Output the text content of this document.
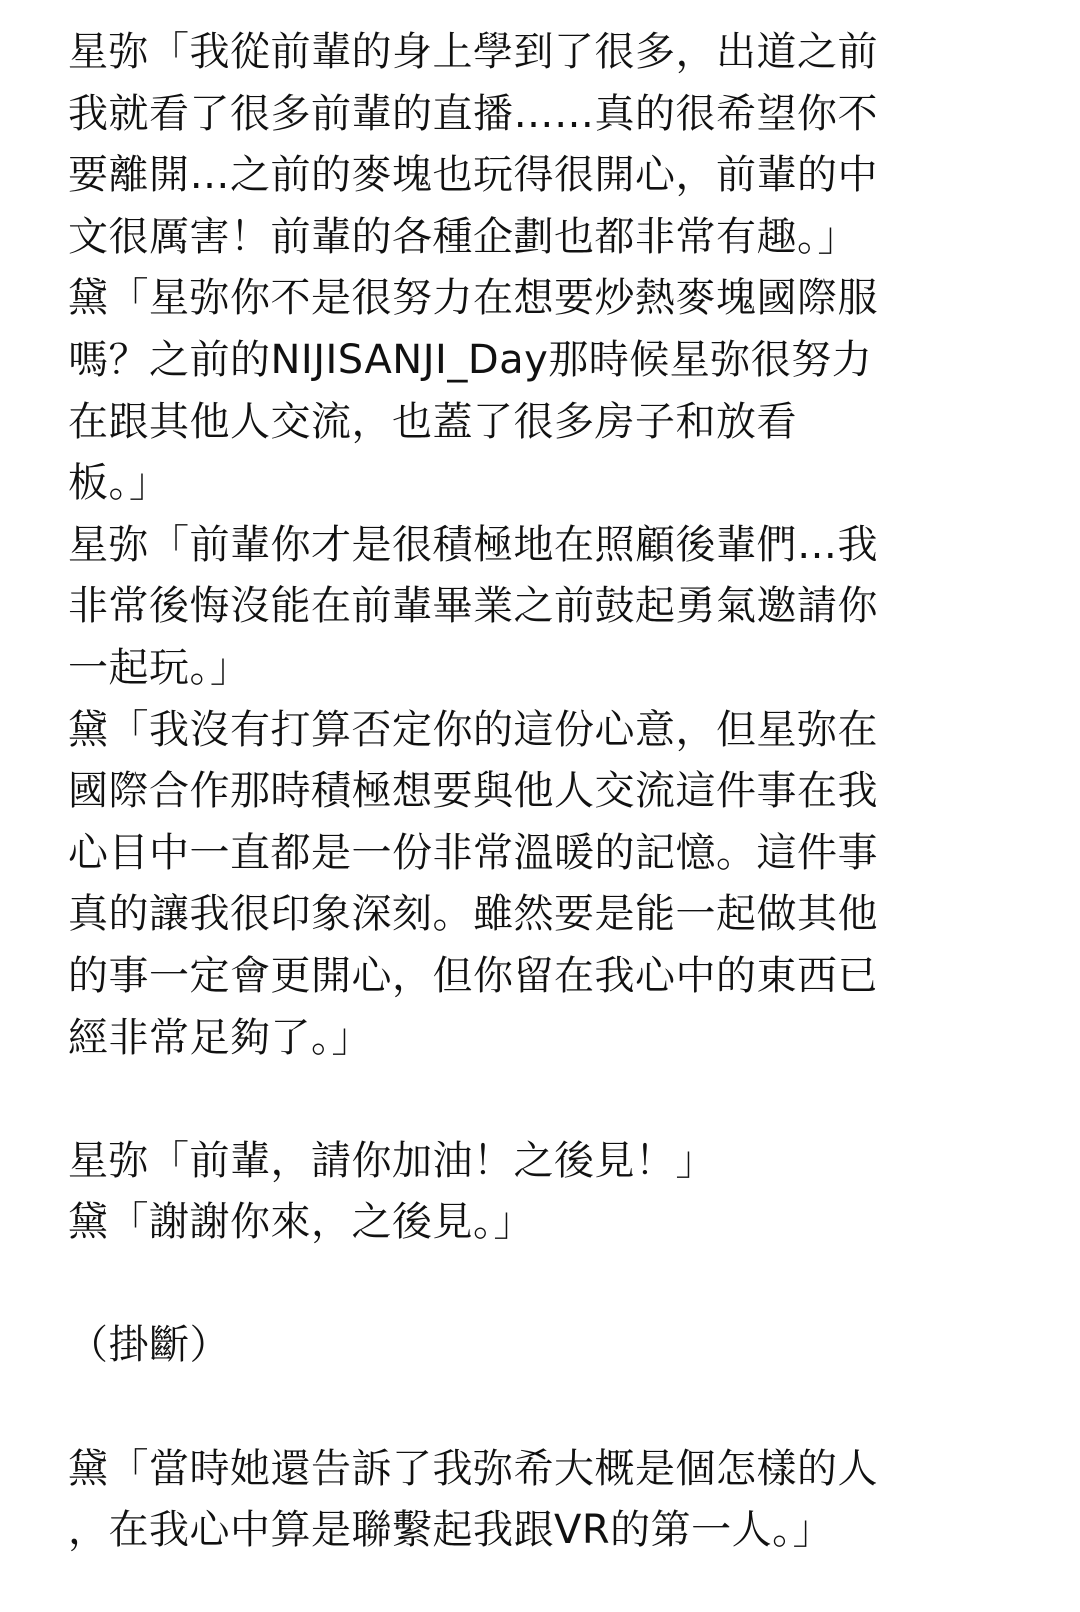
星弥「我從前輩的身上學到了很多，出道之前
我就看了很多前輩的直播……真的很希望你不
要離開…之前的麥塊也玩得很開心，前輩的中
文很厲害！前輩的各種企劃也都非常有趣。」
黛「星弥你不是很努力在想要炒熱麥塊國際服
嗎？之前的NIJISANJI_Day那時候星弥很努力
在跟其他人交流，也蓋了很多房子和放看
板。」
星弥「前輩你才是很積極地在照顧後輩們…我
非常後悔沒能在前輩畢業之前鼓起勇氣邀請你
一起玩。」
黛「我沒有打算否定你的這份心意，但星弥在
國際合作那時積極想要與他人交流這件事在我
心目中一直都是一份非常溫暖的記憶。這件事
真的讓我很印象深刻。雖然要是能一起做其他
的事一定會更開心，但你留在我心中的東西已
經非常足夠了。」
星弥「前輩，請你加油！之後見！」
黛「謝謝你來，之後見。」
（掛斷）
黛「當時她還告訴了我弥希大概是個怎樣的人
，在我心中算是聯繫起我跟VR的第一人。」
